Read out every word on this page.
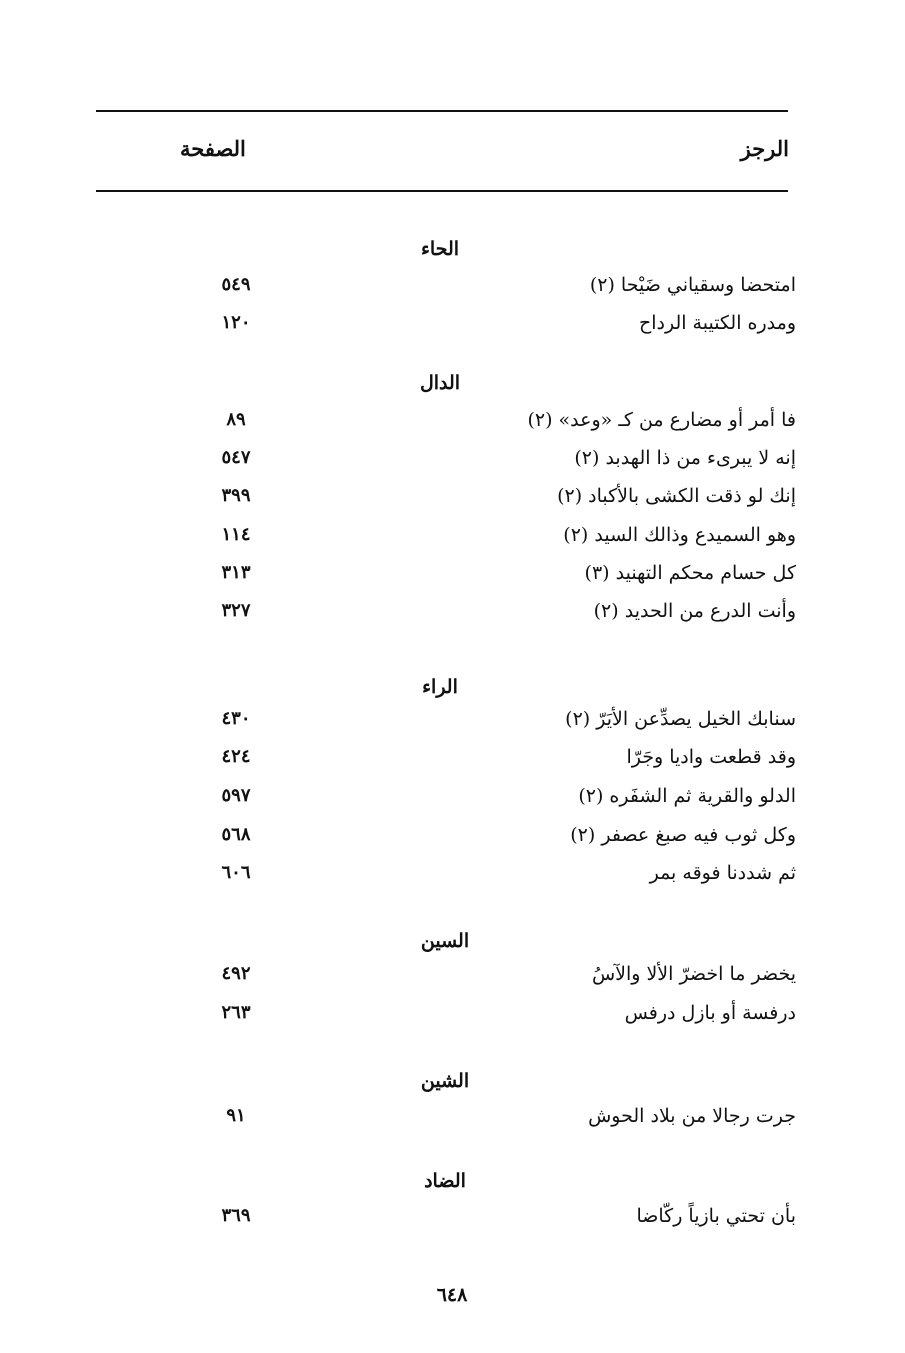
الرجز
الصفحة
الحاء
امتحضا وسقياني ضَيْحا (٢)
٥٤٩
ومدره الكتيبة الرداح
١٢٠
الدال
فا أمر أو مضارع من كـ «وعد» (٢)
٨٩
إنه لا يبرىء من ذا الهدبد (٢)
٥٤٧
إنك لو ذقت الكشى بالأكباد (٢)
٣٩٩
وهو السميدع وذالك السيد (٢)
١١٤
كل حسام محكم التهنيد (٣)
٣١٣
وأنت الدرع من الحديد (٢)
٣٢٧
الراء
سنابك الخيل يصدِّعن الأيَرّ (٢)
٤٣٠
وقد قطعت واديا وجَرّا
٤٢٤
الدلو والقرية ثم الشفَره (٢)
٥٩٧
وكل ثوب فيه صبغ عصفر (٢)
٥٦٨
ثم شددنا فوقه بمر
٦٠٦
السين
يخضر ما اخضرّ الألا والآسُ
٤٩٢
درفسة أو بازل درفس
٢٦٣
الشين
جرت رجالا من بلاد الحوش
٩١
الضاد
بأن تحتي بازياً ركّاضا
٣٦٩
٦٤٨
